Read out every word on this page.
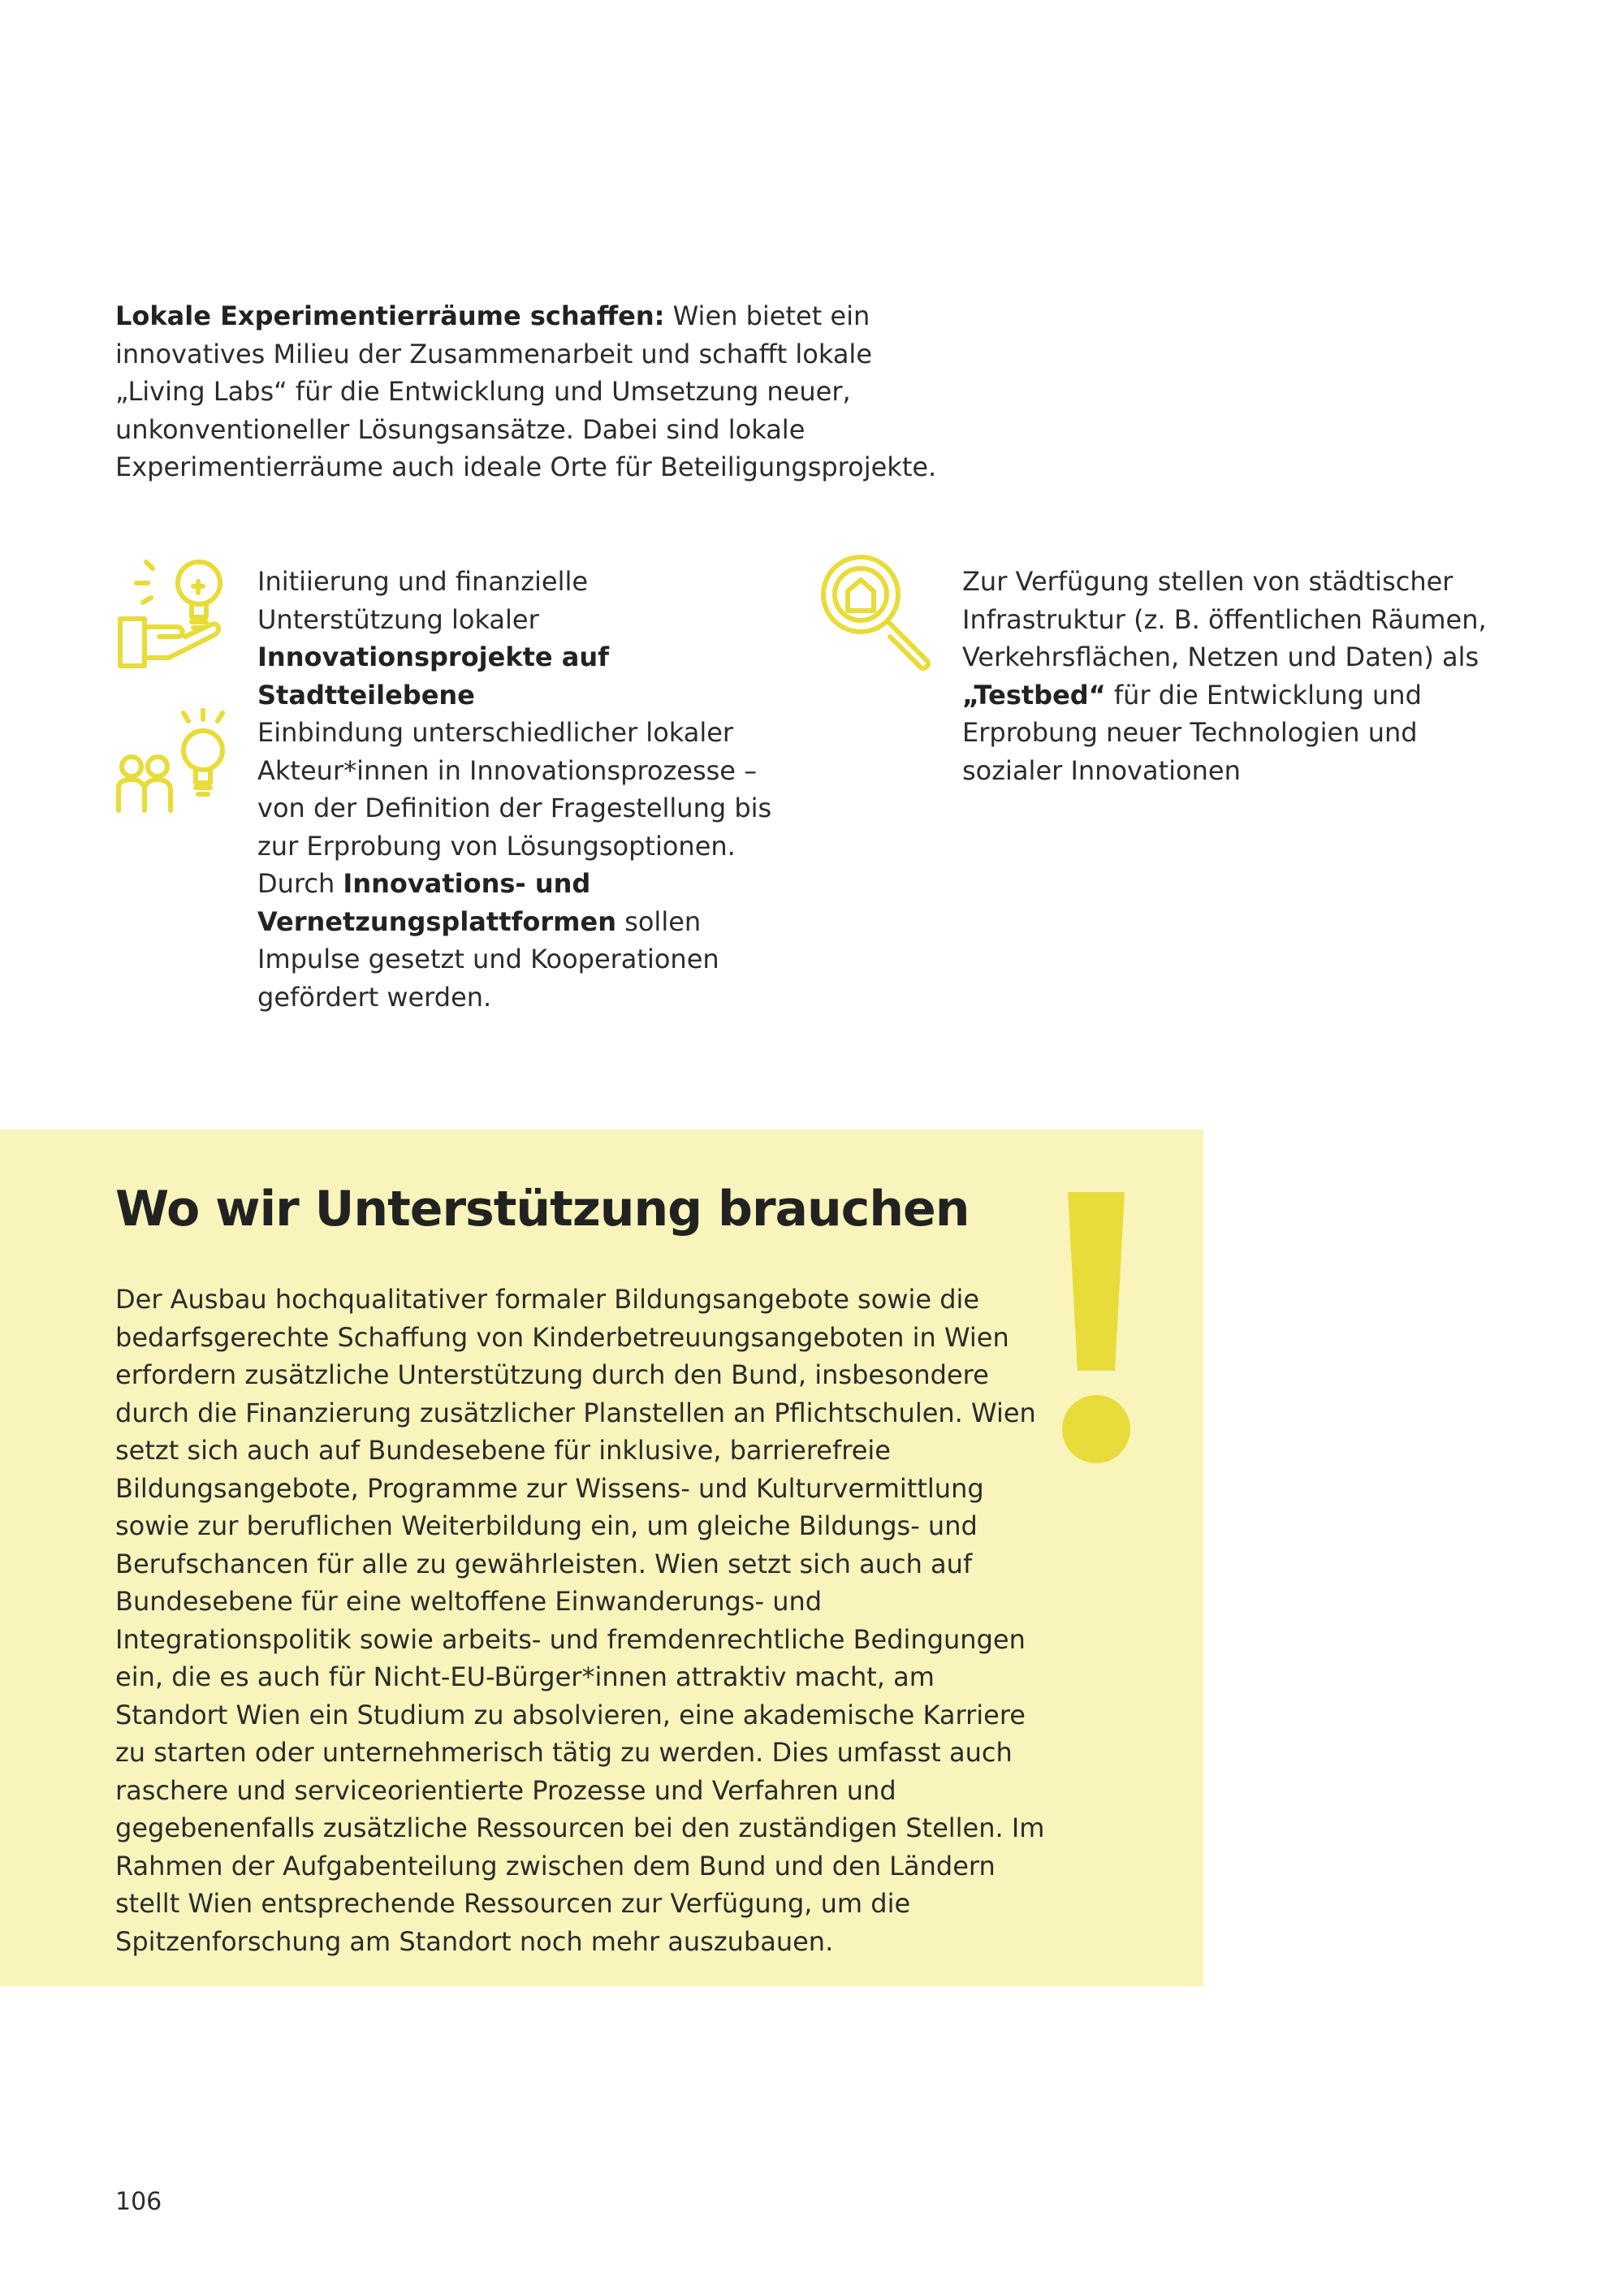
Lokale Experimentierräume schaffen: Wien bietet ein innovatives Milieu der Zusammenarbeit und schafft lokale „Living Labs“ für die Entwicklung und Umsetzung neuer, unkonventioneller Lösungsansätze. Dabei sind lokale Experimentierräume auch ideale Orte für Beteiligungsprojekte.

Initiierung und finanzielle Unterstützung lokaler Innovationsprojekte auf Stadtteilebene

Einbindung unterschiedlicher lokaler Akteur*innen in Innovationsprozesse – von der Definition der Fragestellung bis zur Erprobung von Lösungsoptionen. Durch Innovations- und Vernetzungsplattformen sollen Impulse gesetzt und Kooperationen gefördert werden.

Zur Verfügung stellen von städtischer Infrastruktur (z. B. öffentlichen Räumen, Verkehrsflächen, Netzen und Daten) als „Testbed“ für die Entwicklung und Erprobung neuer Technologien und sozialer Innovationen

Wo wir Unterstützung brauchen

Der Ausbau hochqualitativer formaler Bildungsangebote sowie die bedarfsgerechte Schaffung von Kinderbetreuungsangeboten in Wien erfordern zusätzliche Unterstützung durch den Bund, insbesondere durch die Finanzierung zusätzlicher Planstellen an Pflichtschulen. Wien setzt sich auch auf Bundesebene für inklusive, barrierefreie Bildungsangebote, Programme zur Wissens- und Kulturvermittlung sowie zur beruflichen Weiterbildung ein, um gleiche Bildungs- und Berufschancen für alle zu gewährleisten. Wien setzt sich auch auf Bundesebene für eine weltoffene Einwanderungs- und Integrationspolitik sowie arbeits- und fremdenrechtliche Bedingungen ein, die es auch für Nicht-EU-Bürger*innen attraktiv macht, am Standort Wien ein Studium zu absolvieren, eine akademische Karriere zu starten oder unternehmerisch tätig zu werden. Dies umfasst auch raschere und serviceorientierte Prozesse und Verfahren und gegebenenfalls zusätzliche Ressourcen bei den zuständigen Stellen. Im Rahmen der Aufgabenteilung zwischen dem Bund und den Ländern stellt Wien entsprechende Ressourcen zur Verfügung, um die Spitzenforschung am Standort noch mehr auszubauen.

106
